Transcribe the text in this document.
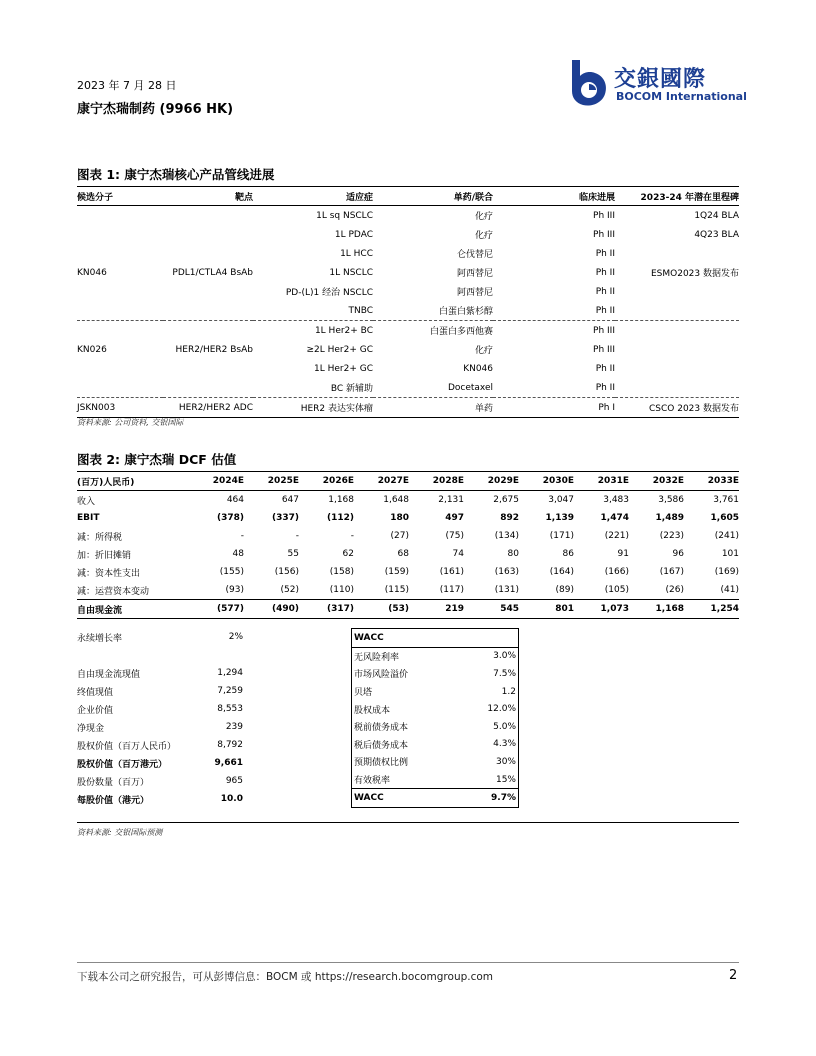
2023 年 7 月 28 日
康宁杰瑞制药 (9966 HK)
交銀國際
BOCOM International
图表 1: 康宁杰瑞核心产品管线进展
候选分子	靶点	适应症	单药/联合	临床进展	2023-24 年潜在里程碑
		1L sq NSCLC	化疗	Ph III	1Q24 BLA
		1L PDAC	化疗	Ph III	4Q23 BLA
		1L HCC	仑伐替尼	Ph II	
KN046	PDL1/CTLA4 BsAb	1L NSCLC	阿西替尼	Ph II	ESMO2023 数据发布
		PD-(L)1 经治 NSCLC	阿西替尼	Ph II	
		TNBC	白蛋白紫杉醇	Ph II	
		1L Her2+ BC	白蛋白多西他赛	Ph III	
KN026	HER2/HER2 BsAb	≥2L Her2+ GC	化疗	Ph III	
		1L Her2+ GC	KN046	Ph II	
		BC 新辅助	Docetaxel	Ph II	
JSKN003	HER2/HER2 ADC	HER2 表达实体瘤	单药	Ph I	CSCO 2023 数据发布
资料来源: 公司资料, 交银国际
图表 2: 康宁杰瑞 DCF 估值
(百万)人民币)	2024E	2025E	2026E	2027E	2028E	2029E	2030E	2031E	2032E	2033E
收入	464	647	1,168	1,648	2,131	2,675	3,047	3,483	3,586	3,761
EBIT	(378)	(337)	(112)	180	497	892	1,139	1,474	1,489	1,605
减：所得税	-	-	-	(27)	(75)	(134)	(171)	(221)	(223)	(241)
加：折旧摊销	48	55	62	68	74	80	86	91	96	101
减：资本性支出	(155)	(156)	(158)	(159)	(161)	(163)	(164)	(166)	(167)	(169)
减：运营资本变动	(93)	(52)	(110)	(115)	(117)	(131)	(89)	(105)	(26)	(41)
自由现金流	(577)	(490)	(317)	(53)	219	545	801	1,073	1,168	1,254
永续增长率	2%

自由现金流现值	1,294
终值现值	7,259
企业价值	8,553
净现金	239
股权价值（百万人民币）	8,792
股权价值（百万港元）	9,661
股份数量（百万）	965
每股价值（港元）	10.0
WACC	
无风险利率	3.0%
市场风险溢价	7.5%
贝塔	1.2
股权成本	12.0%
税前债务成本	5.0%
税后债务成本	4.3%
预期债权比例	30%
有效税率	15%
WACC	9.7%
资料来源: 交银国际预测
下载本公司之研究报告，可从彭博信息：BOCM 或 https://research.bocomgroup.com	2
